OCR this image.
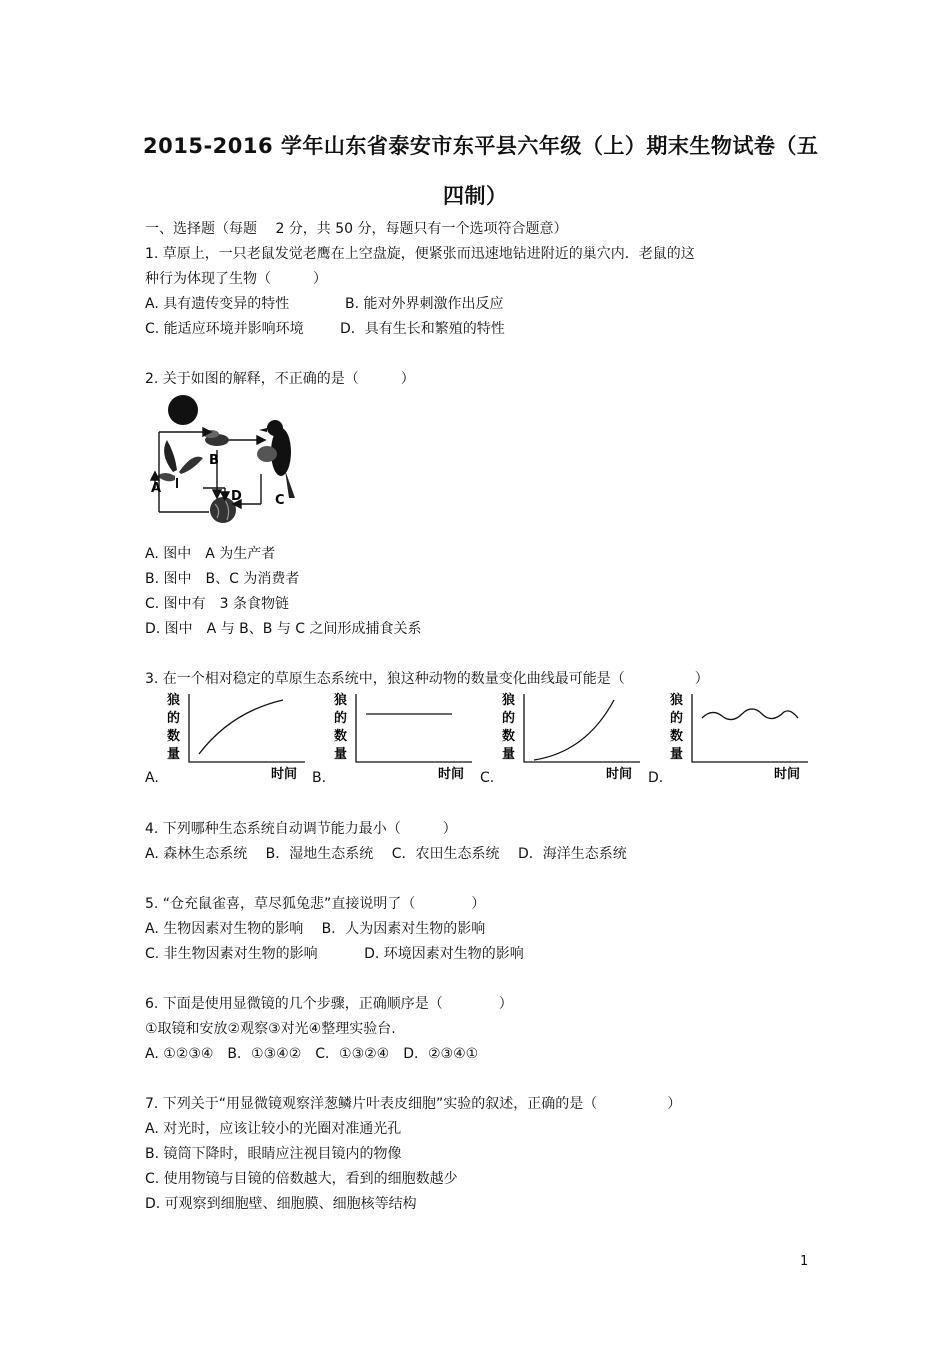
2015-2016 学年山东省泰安市东平县六年级（上）期末生物试卷（五
四制）
一、选择题（每题　 2 分，共 50 分，每题只有一个选项符合题意）
1. 草原上，一只老鼠发觉老鹰在上空盘旋，便紧张而迅速地钻进附近的巢穴内．老鼠的这
种行为体现了生物（　　　）
A. 具有遗传变异的特性	B. 能对外界刺激作出反应
C. 能适应环境并影响环境	D．具有生长和繁殖的特性
2. 关于如图的解释，不正确的是（　　　）
A
B
C
D
A. 图中　A 为生产者
B. 图中　B、C 为消费者
C. 图中有　3 条食物链
D. 图中　A 与 B、B 与 C 之间形成捕食关系
3. 在一个相对稳定的草原生态系统中，狼这种动物的数量变化曲线最可能是（　　　　　）
A.
狼
的
数
量
时间 B.
狼
的
数
量
时间 C.
狼
的
数
量
时间 D.
狼
的
数
量
时间
4. 下列哪种生态系统自动调节能力最小（　　　）
A. 森林生态系统　 B．湿地生态系统　 C．农田生态系统　 D．海洋生态系统
5. “仓充鼠雀喜，草尽狐兔悲”直接说明了（　　　　）
A. 生物因素对生物的影响　 B．人为因素对生物的影响
C. 非生物因素对生物的影响　　　 D. 环境因素对生物的影响
6. 下面是使用显微镜的几个步骤，正确顺序是（　　　　）
①取镜和安放②观察③对光④整理实验台.
A. ①②③④　B．①③④②　C．①③②④　D．②③④①
7. 下列关于“用显微镜观察洋葱鳞片叶表皮细胞”实验的叙述，正确的是（　　　　　）
A. 对光时，应该让较小的光圈对准通光孔
B. 镜筒下降时，眼睛应注视目镜内的物像
C. 使用物镜与目镜的倍数越大，看到的细胞数越少
D. 可观察到细胞壁、细胞膜、细胞核等结构
1
